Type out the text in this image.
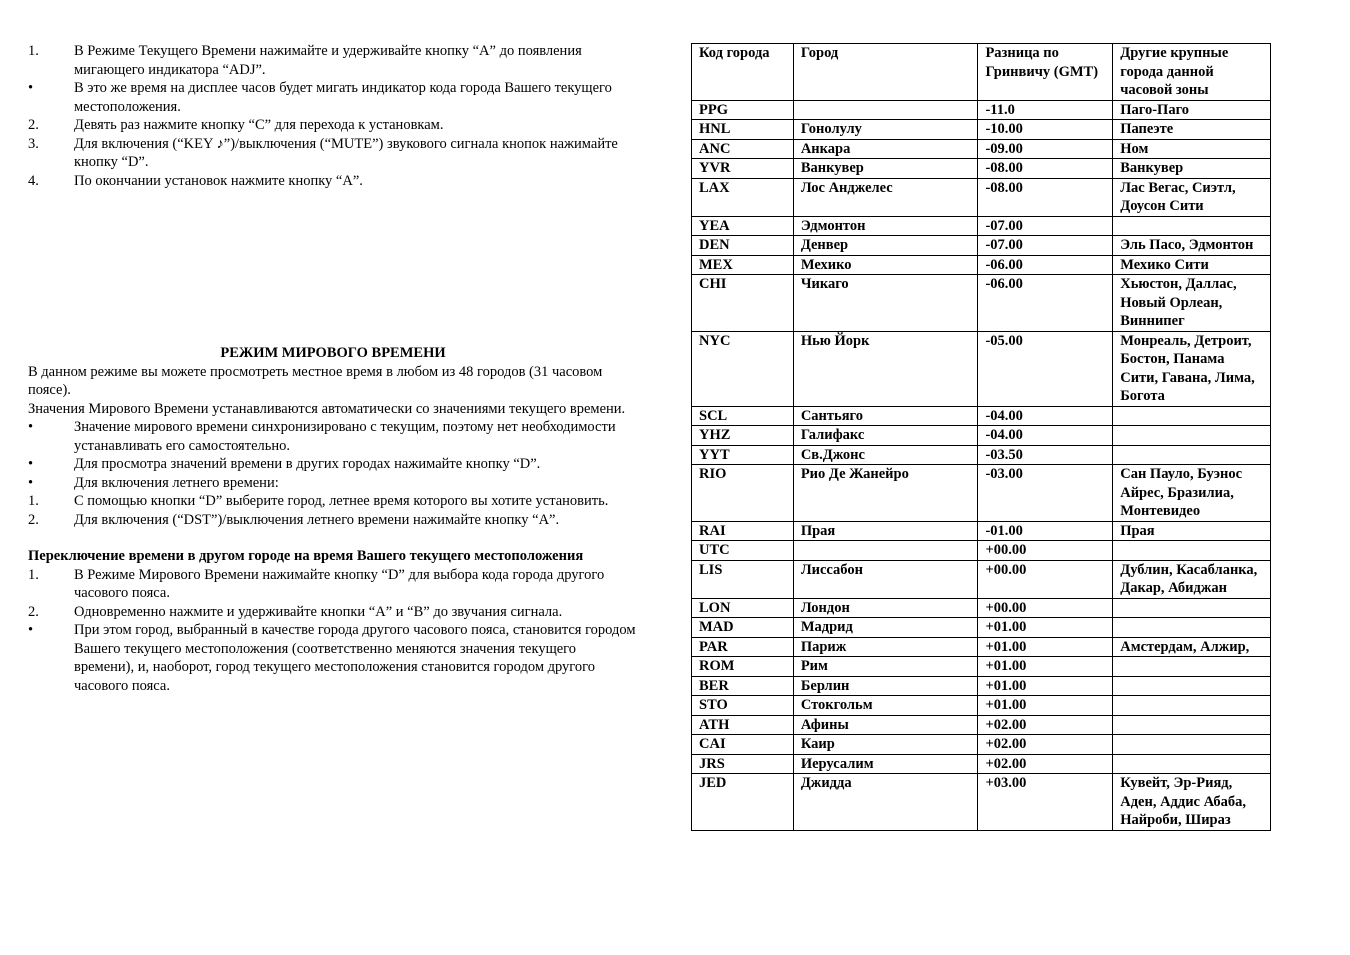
1.	В Режиме Текущего Времени нажимайте и удерживайте кнопку “A” до появления мигающего индикатора “ADJ”.
•	В это же время на дисплее часов будет мигать индикатор кода города Вашего текущего местоположения.
2.	Девять раз нажмите кнопку “C” для перехода к установкам.
3.	Для включения (“KEY ♪”)/выключения (“MUTE”) звукового сигнала кнопок нажимайте кнопку “D”.
4.	По окончании установок нажмите кнопку “A”.
РЕЖИМ МИРОВОГО ВРЕМЕНИ

В данном режиме вы можете просмотреть местное время в любом из 48 городов (31 часовом поясе).

Значения Мирового Времени устанавливаются автоматически со значениями текущего времени.

•	Значение мирового времени синхронизировано с текущим, поэтому нет необходимости устанавливать его самостоятельно.
•	Для просмотра значений времени в других городах нажимайте кнопку “D”.
•	Для включения летнего времени:
1.	С помощью кнопки “D” выберите город, летнее время которого вы хотите установить.
2.	Для включения (“DST”)/выключения летнего времени нажимайте кнопку “A”.
Переключение времени в другом городе на время Вашего текущего местоположения
1.	В Режиме Мирового Времени нажимайте кнопку “D” для выбора кода города другого часового пояса.
2.	Одновременно нажмите и удерживайте кнопки “A” и “B” до звучания сигнала.
•	При этом город, выбранный в качестве города другого часового пояса, становится городом Вашего текущего местоположения (соответственно меняются значения текущего времени), и, наоборот, город текущего местоположения становится городом другого часового пояса.
Код города	Город	Разница по Гринвичу (GMT)	Другие крупные города данной часовой зоны
PPG		-11.0	Паго-Паго
HNL	Гонолулу	-10.00	Папеэте
ANC	Анкара	-09.00	Ном
YVR	Ванкувер	-08.00	Ванкувер
LAX	Лос Анджелес	-08.00	Лас Вегас, Сиэтл, Доусон Сити
YEA	Эдмонтон	-07.00	
DEN	Денвер	-07.00	Эль Пасо, Эдмонтон
MEX	Мехико	-06.00	Мехико Сити
CHI	Чикаго	-06.00	Хьюстон, Даллас, Новый Орлеан, Виннипег
NYC	Нью Йорк	-05.00	Монреаль, Детроит, Бостон, Панама Сити, Гавана, Лима, Богота
SCL	Сантьяго	-04.00	
YHZ	Галифакс	-04.00	
YYT	Св.Джонс	-03.50	
RIO	Рио Де Жанейро	-03.00	Сан Пауло, Буэнос Айрес, Бразилиа, Монтевидео
RAI	Прая	-01.00	Прая
UTC		+00.00	
LIS	Лиссабон	+00.00	Дублин, Касабланка, Дакар, Абиджан
LON	Лондон	+00.00	
MAD	Мадрид	+01.00	
PAR	Париж	+01.00	Амстердам, Алжир,
ROM	Рим	+01.00	
BER	Берлин	+01.00	
STO	Стокгольм	+01.00	
ATH	Афины	+02.00	
CAI	Каир	+02.00	
JRS	Иерусалим	+02.00	
JED	Джидда	+03.00	Кувейт, Эр-Рияд, Аден, Аддис Абаба, Найроби, Шираз
